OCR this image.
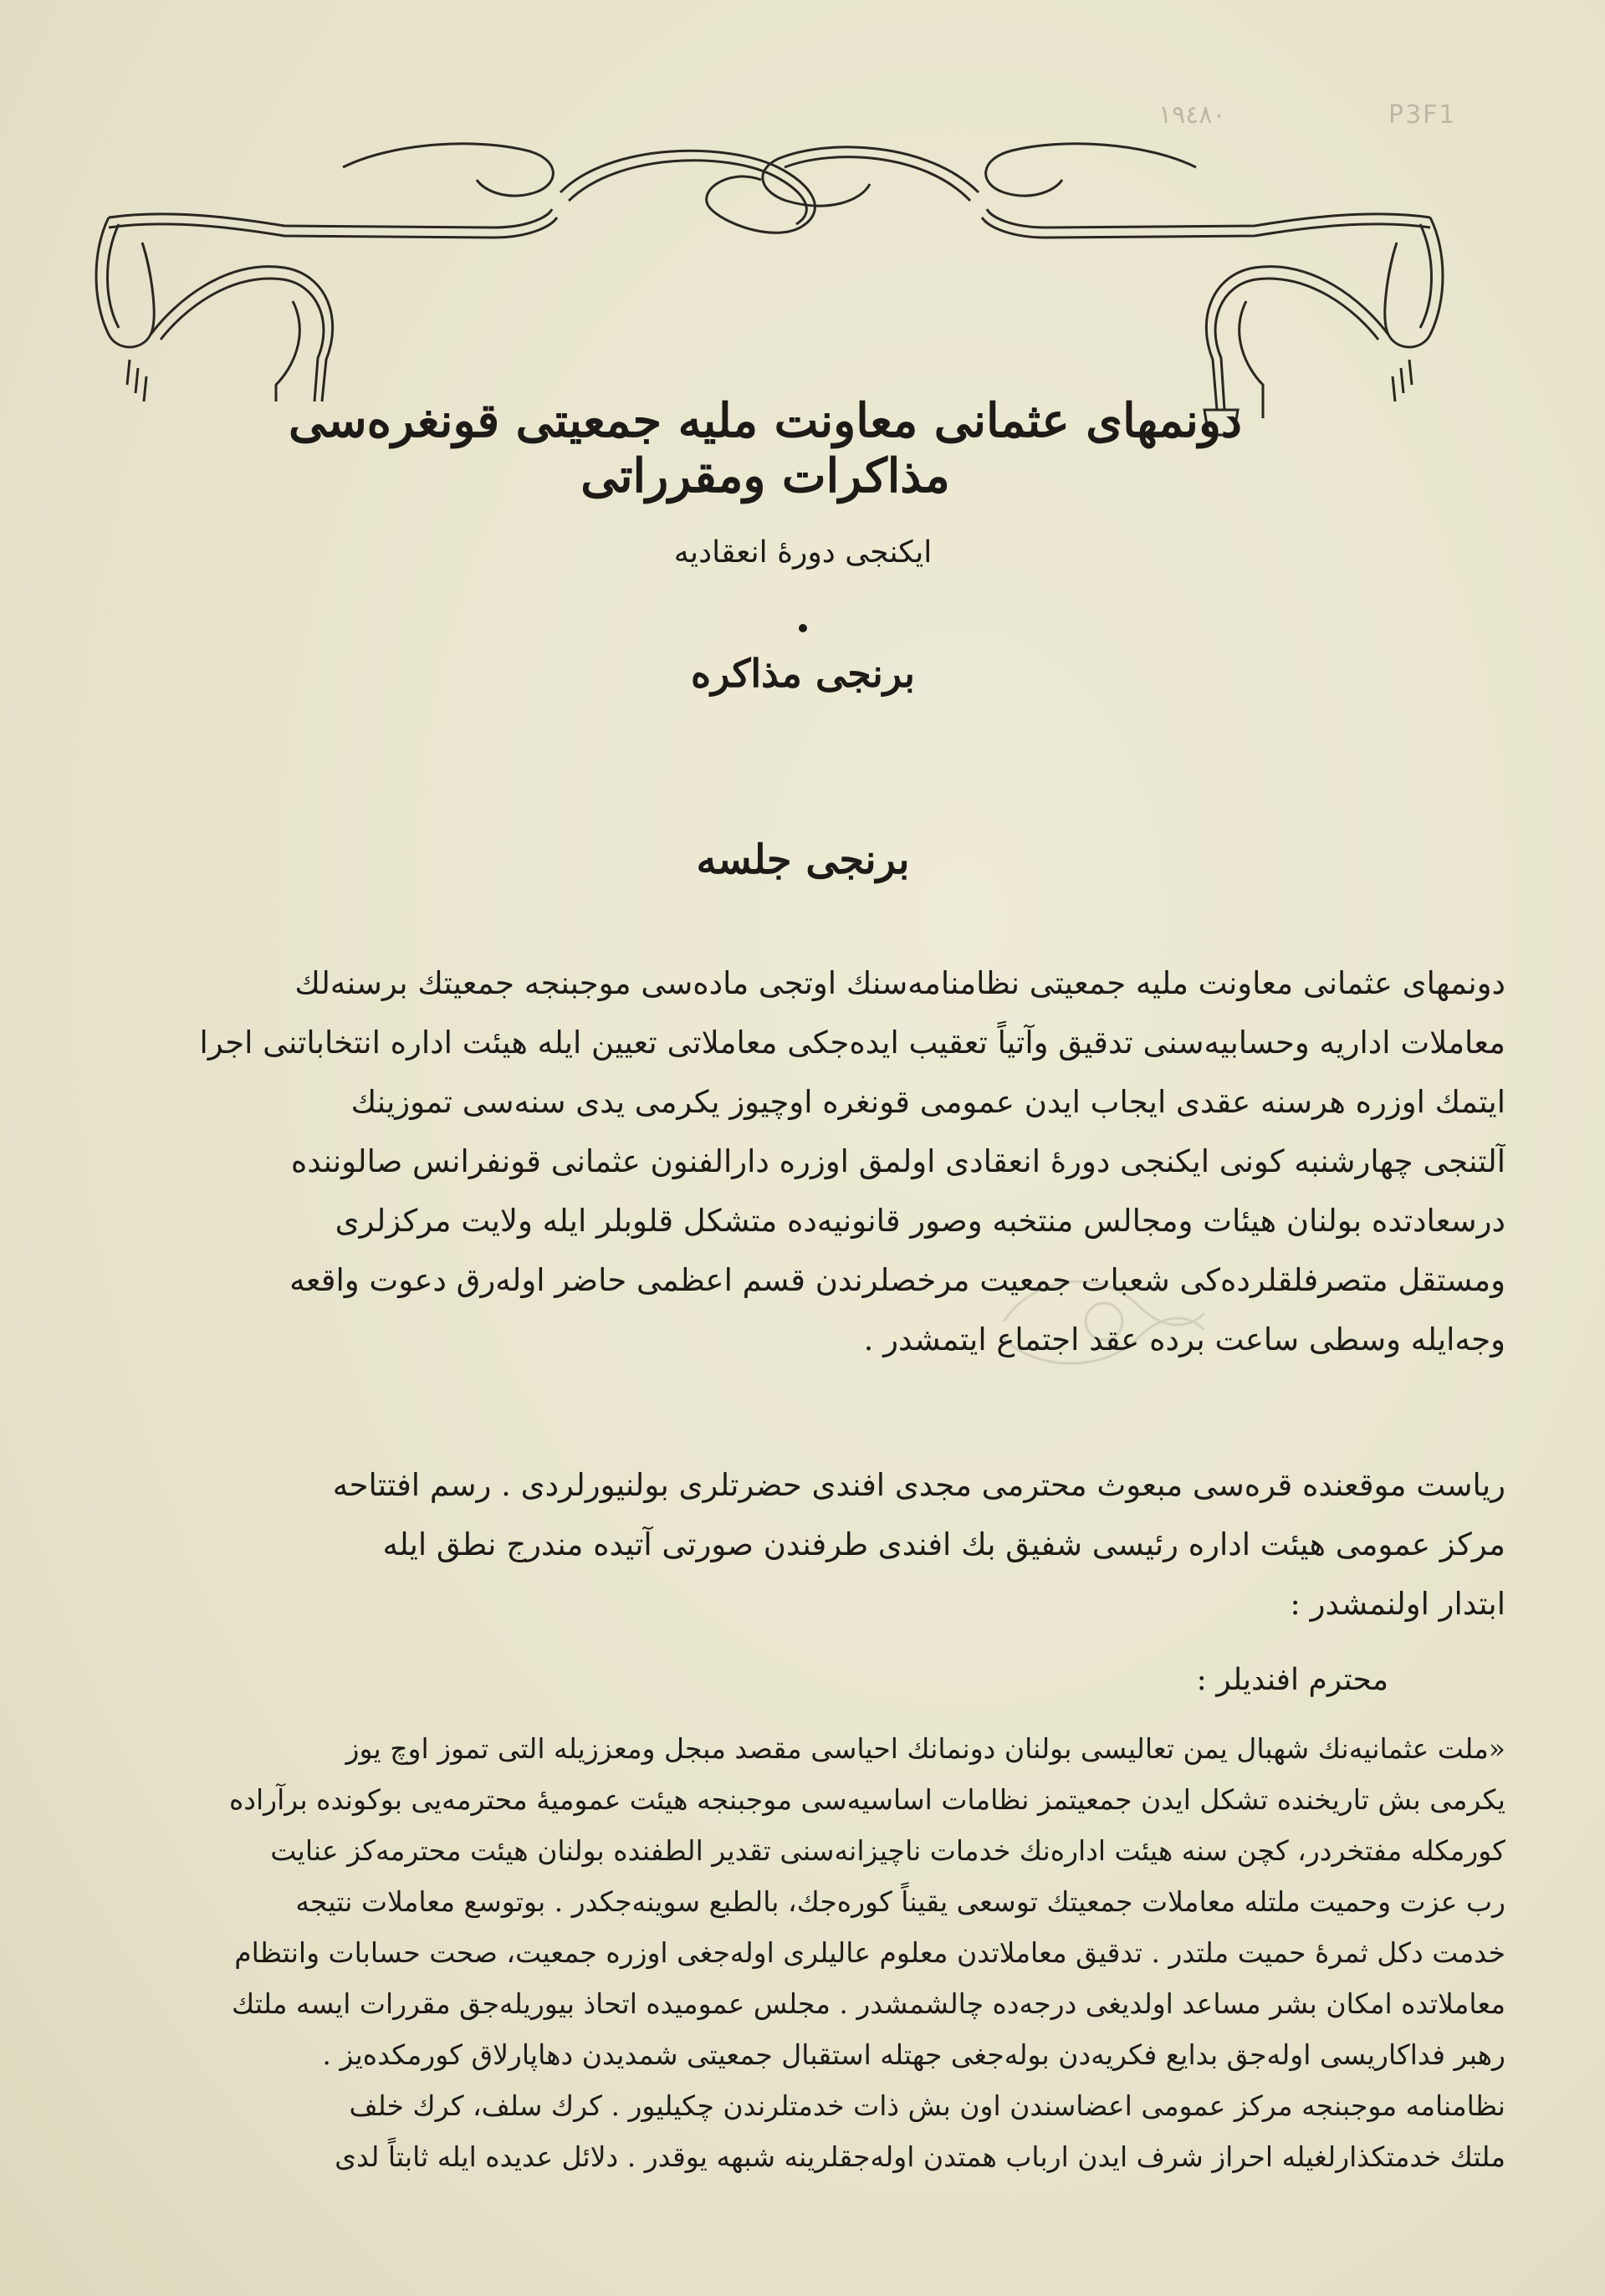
١٩٤٨٠	P3F1
دونمهای عثمانی معاونت ملیه جمعیتی قونغره‌سی مذاکرات ومقرراتی
ایکنجی دورۀ انعقادیه
برنجی مذاکره
برنجی جلسه
دونمهای عثمانی معاونت ملیه جمعیتی نظامنامه‌سنك اوتجی ماده‌سی موجبنجه جمعیتك برسنه‌لك
معاملات اداریه وحسابیه‌سنی تدقیق وآتیاً تعقیب ایده‌جكی معاملاتی تعیین ایله هیئت اداره انتخاباتنی اجرا
ایتمك اوزره هرسنه عقدی ایجاب ایدن عمومی قونغره اوچیوز یكرمی یدی سنه‌سی تموزینك
آلتنجی چهارشنبه كونی ایكنجی دورۀ انعقادی اولمق اوزره دارالفنون عثمانی قونفرانس صالوننده
درسعادتده بولنان هیئات ومجالس منتخبه وصور قانونیه‌ده متشكل قلوبلر ایله ولایت مركزلری
ومستقل متصرفلقلرده‌كی شعبات جمعیت مرخصلرندن قسم اعظمی حاضر اوله‌رق دعوت واقعه
وجه‌ایله وسطی ساعت برده عقد اجتماع ایتمشدر .
ریاست موقعنده قرەسی مبعوث محترمی مجدی افندی حضرتلری بولنیورلردی . رسم افتتاحه
مركز عمومی هیئت اداره رئیسی شفیق بك افندی طرفندن صورتی آتیده مندرج نطق ایله
ابتدار اولنمشدر :
محترم افندیلر :
«ملت عثمانیه‌نك شهبال یمن تعالیسی بولنان دونمانك احیاسی مقصد مبجل ومعززیله التی تموز اوچ یوز
یكرمی بش تاریخنده تشكل ایدن جمعیتمز نظامات اساسیه‌سی موجبنجه هیئت عمومیۀ محترمه‌یی بوكونده برآراده
كورمكله مفتخردر، كچن سنه هیئت اداره‌نك خدمات ناچیزانه‌سنی تقدیر الطفنده بولنان هیئت محترمه‌كز عنایت
رب عزت وحمیت ملتله معاملات جمعیتك توسعی یقیناً كوره‌جك، بالطبع سوینه‌جكدر . بوتوسع معاملات نتیجه
خدمت دكل ثمرۀ حمیت ملتدر . تدقیق معاملاتدن معلوم عالیلری اوله‌جغی اوزره جمعیت، صحت حسابات وانتظام
معاملاتده امكان بشر مساعد اولدیغی درجه‌ده چالشمشدر . مجلس عمومیده اتحاذ بیوریله‌جق مقررات ایسه ملتك
رهبر فداكاریسی اوله‌جق بدایع فكریه‌دن بوله‌جغی جهتله استقبال جمعیتی شمدیدن دهاپارلاق كورمكده‌یز .
نظامنامه موجبنجه مركز عمومی اعضاسندن اون بش ذات خدمتلرندن چكیلیور . كرك سلف، كرك خلف
ملتك خدمتكذارلغیله احراز شرف ایدن ارباب همتدن اوله‌جقلرینه شبهه یوقدر . دلائل عدیده ایله ثابتاً لدی
